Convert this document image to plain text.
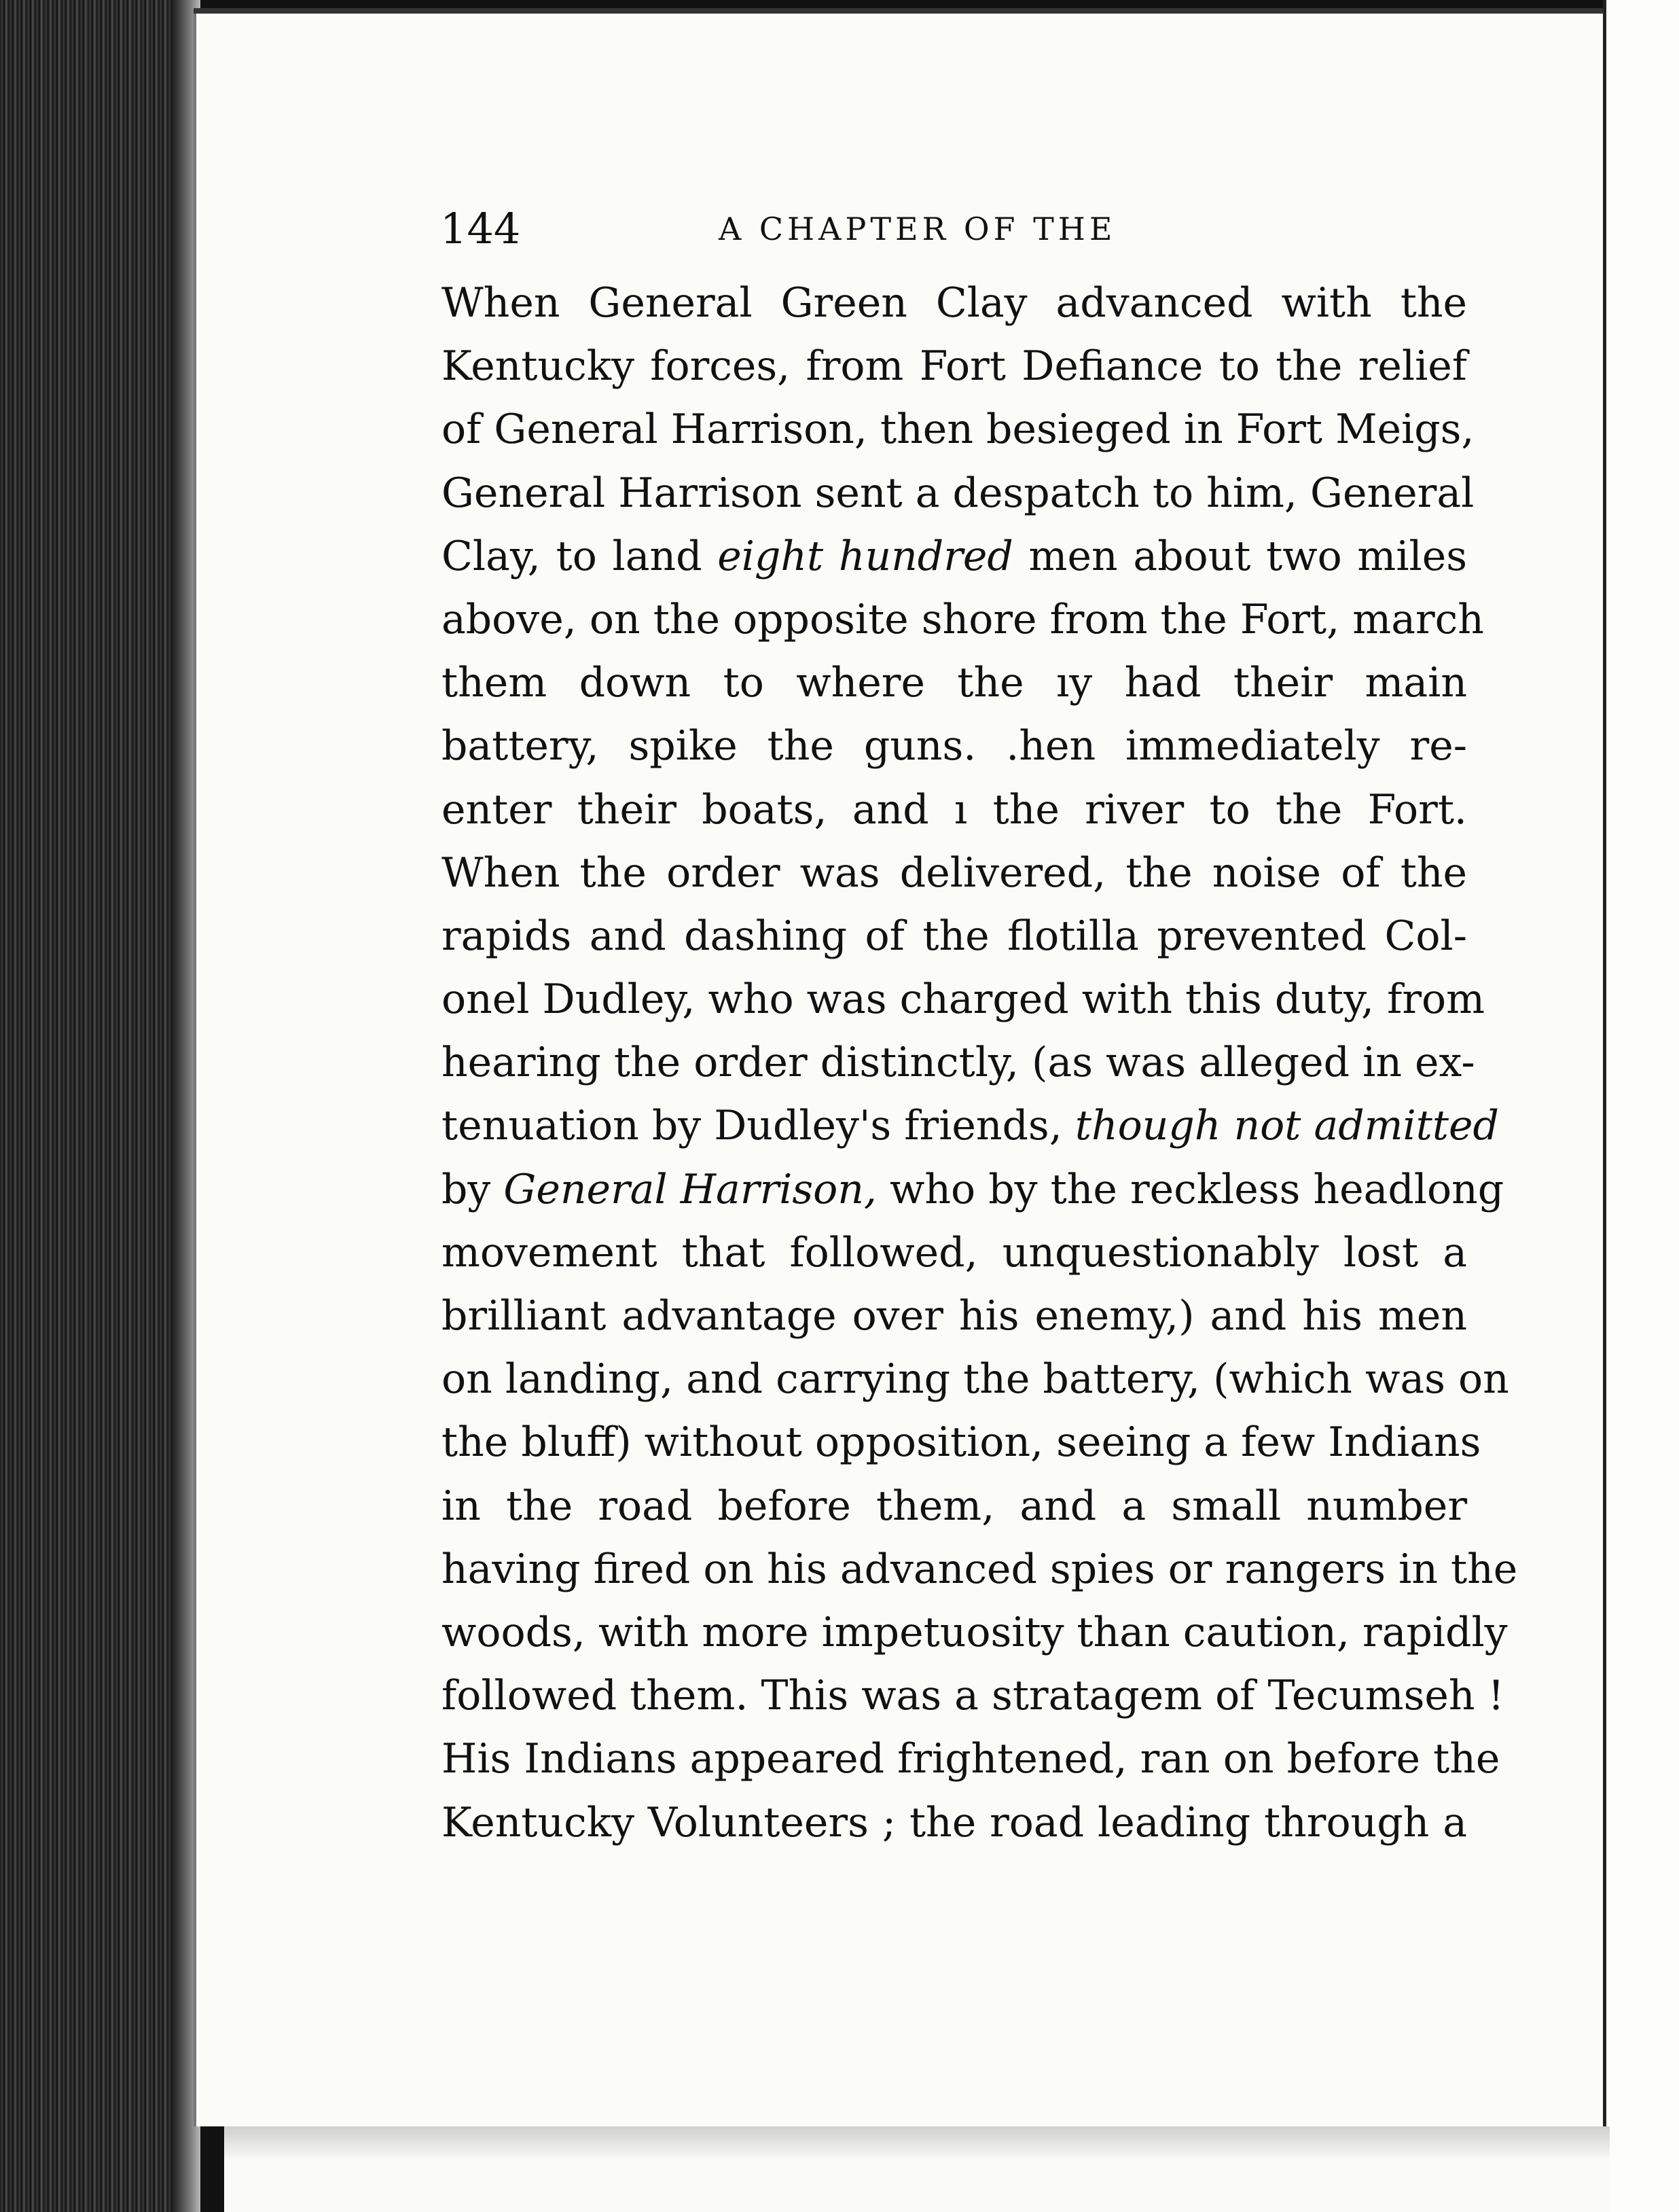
144	A CHAPTER OF THE
When General Green Clay advanced with the
Kentucky forces, from Fort Defiance to the relief
of General Harrison, then besieged in Fort Meigs,
General Harrison sent a despatch to him, General
Clay, to land eight hundred men about two miles
above, on the opposite shore from the Fort, march
them down to where the ıy had their main
battery, spike the guns. .hen immediately re-
enter their boats, and ı the river to the Fort.
When the order was delivered, the noise of the
rapids and dashing of the flotilla prevented Col-
onel Dudley, who was charged with this duty, from
hearing the order distinctly, (as was alleged in ex-
tenuation by Dudley's friends, though not admitted
by General Harrison, who by the reckless headlong
movement that followed, unquestionably lost a
brilliant advantage over his enemy,) and his men
on landing, and carrying the battery, (which was on
the bluff) without opposition, seeing a few Indians
in the road before them, and a small number
having fired on his advanced spies or rangers in the
woods, with more impetuosity than caution, rapidly
followed them. This was a stratagem of Tecumseh !
His Indians appeared frightened, ran on before the
Kentucky Volunteers ; the road leading through a
